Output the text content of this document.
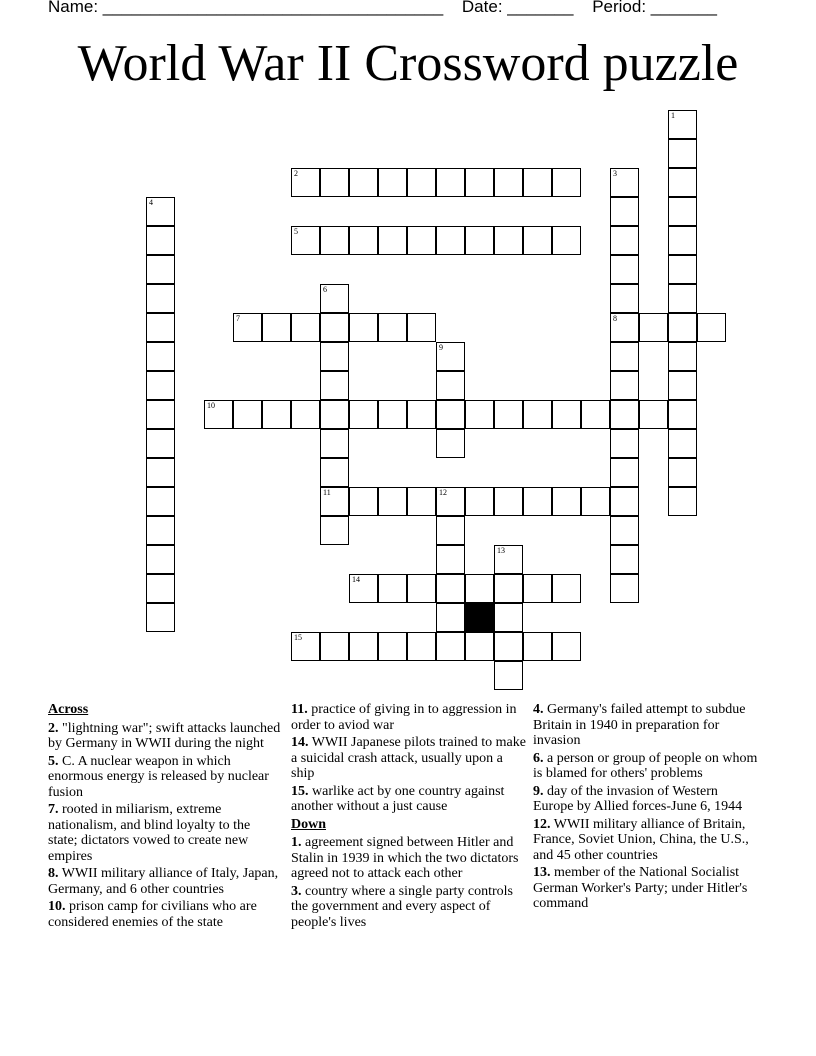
Name: ____________________________________ Date: _______ Period: _______
World War II Crossword puzzle
1
2	3
8
4
5
6
11
7
9
10
12
13
14
15
Across
2. "lightning war"; swift attacks launched by Germany in WWII during the night
5. C. A nuclear weapon in which enormous energy is released by nuclear fusion
7. rooted in miliarism, extreme nationalism, and blind loyalty to the state; dictators vowed to create new empires
8. WWII military alliance of Italy, Japan, Germany, and 6 other countries
10. prison camp for civilians who are considered enemies of the state
11. practice of giving in to aggression in order to aviod war
14. WWII Japanese pilots trained to make a suicidal crash attack, usually upon a ship
15. warlike act by one country against another without a just cause
Down
1. agreement signed between Hitler and Stalin in 1939 in which the two dictators agreed not to attack each other
3. country where a single party controls the government and every aspect of people's lives
4. Germany's failed attempt to subdue Britain in 1940 in preparation for invasion
6. a person or group of people on whom is blamed for others' problems
9. day of the invasion of Western Europe by Allied forces-June 6, 1944
12. WWII military alliance of Britain, France, Soviet Union, China, the U.S., and 45 other countries
13. member of the National Socialist German Worker's Party; under Hitler's command
